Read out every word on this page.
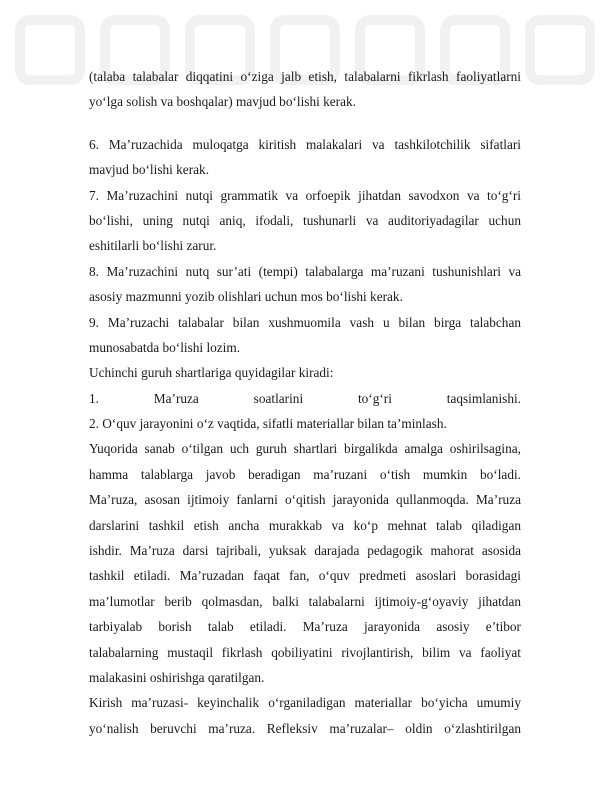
(talaba talabalar diqqatini o‘ziga jalb etish, talabalarni fikrlash faoliyatlarni
yo‘lga solish va boshqalar) mavjud bo‘lishi kerak.
6. Ma’ruzachida muloqatga kiritish malakalari va tashkilotchilik sifatlari
mavjud bo‘lishi kerak.
7. Ma’ruzachini nutqi grammatik va orfoepik jihatdan savodxon va to‘g‘ri
bo‘lishi, uning nutqi aniq, ifodali, tushunarli va auditoriyadagilar uchun
eshitilarli bo‘lishi zarur.
8. Ma’ruzachini nutq sur’ati (tempi) talabalarga ma’ruzani tushunishlari va
asosiy mazmunni yozib olishlari uchun mos bo‘lishi kerak.
9. Ma’ruzachi talabalar bilan xushmuomila vash u bilan birga talabchan
munosabatda bo‘lishi lozim.
Uchinchi guruh shartlariga quyidagilar kiradi:
1. Ma’ruza soatlarini to‘g‘ri taqsimlanishi.
2. O‘quv jarayonini o‘z vaqtida, sifatli materiallar bilan ta’minlash.
Yuqorida sanab o‘tilgan uch guruh shartlari birgalikda amalga oshirilsagina,
hamma talablarga javob beradigan ma’ruzani o‘tish mumkin bo‘ladi.
Ma’ruza, asosan ijtimoiy fanlarni o‘qitish jarayonida qullanmoqda. Ma’ruza
darslarini tashkil etish ancha murakkab va ko‘p mehnat talab qiladigan
ishdir. Ma’ruza darsi tajribali, yuksak darajada pedagogik mahorat asosida
tashkil etiladi. Ma’ruzadan faqat fan, o‘quv predmeti asoslari borasidagi
ma’lumotlar berib qolmasdan, balki talabalarni ijtimoiy-g‘oyaviy jihatdan
tarbiyalab borish talab etiladi. Ma’ruza jarayonida asosiy e’tibor
talabalarning mustaqil fikrlash qobiliyatini rivojlantirish, bilim va faoliyat
malakasini oshirishga qaratilgan.
Kirish ma’ruzasi- keyinchalik o‘rganiladigan materiallar bo‘yicha umumiy
yo‘nalish beruvchi ma’ruza. Refleksiv ma’ruzalar– oldin o‘zlashtirilgan
